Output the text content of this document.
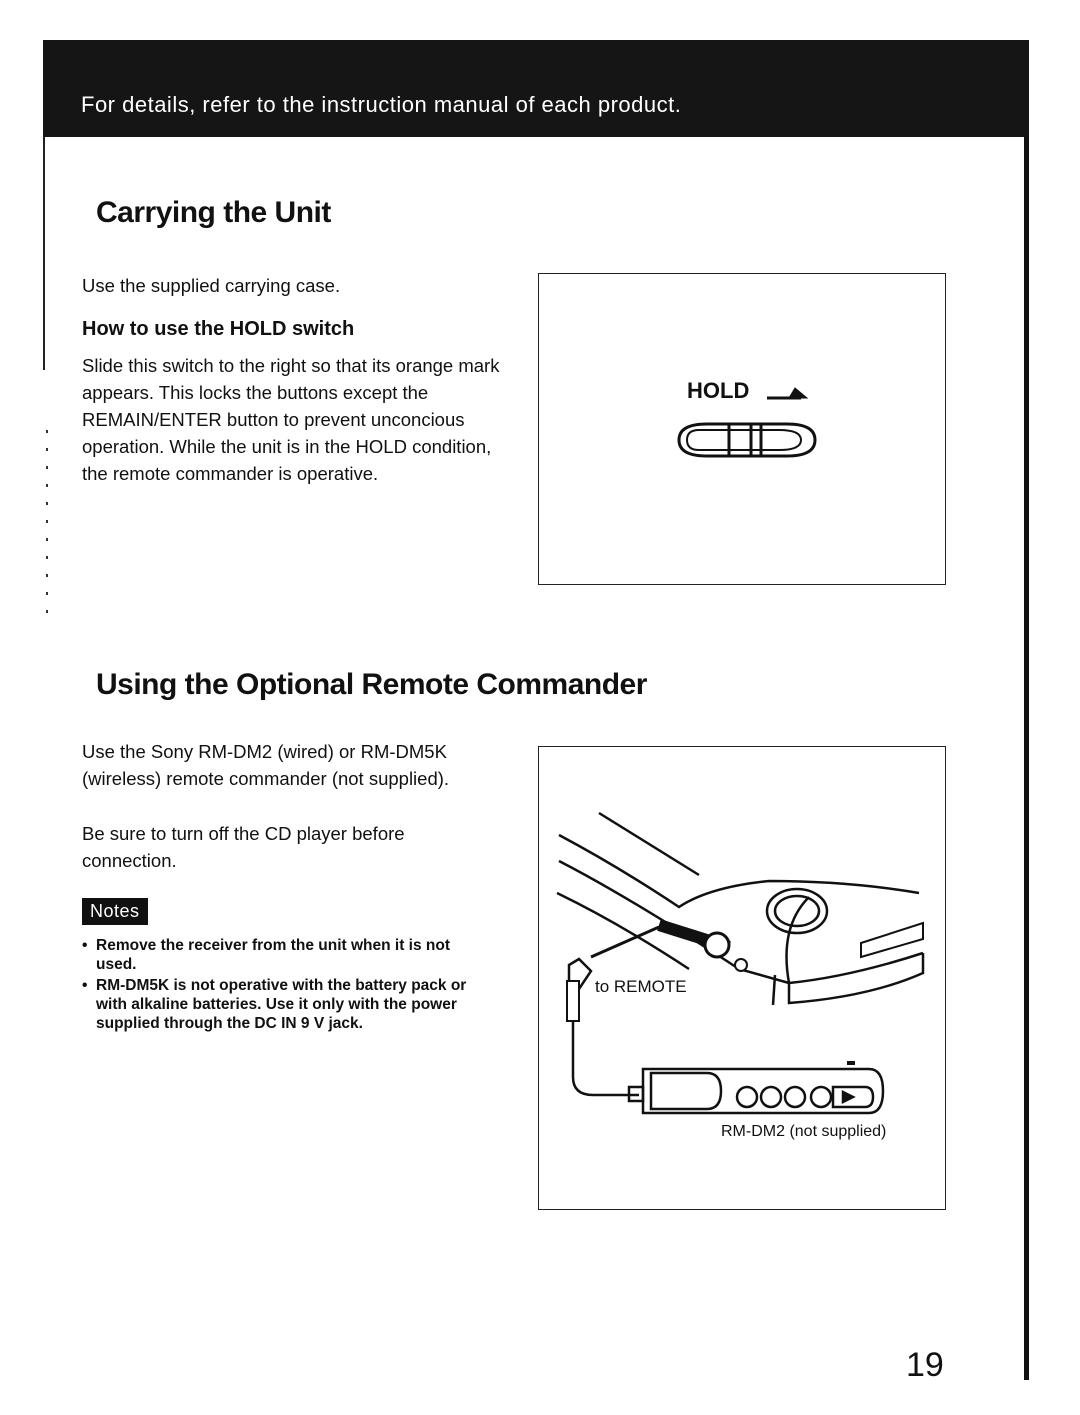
For details, refer to the instruction manual of each product.
Carrying the Unit

Use the supplied carrying case.

How to use the HOLD switch

Slide this switch to the right so that its orange mark appears. This locks the buttons except the REMAIN/ENTER button to prevent unconcious operation. While the unit is in the HOLD condition, the remote commander is operative.

HOLD
Using the Optional Remote Commander

Use the Sony RM-DM2 (wired) or RM-DM5K (wireless) remote commander (not supplied).

Be sure to turn off the CD player before connection.

Notes
• Remove the receiver from the unit when it is not used.
• RM-DM5K is not operative with the battery pack or with alkaline batteries. Use it only with the power supplied through the DC IN 9 V jack.
to REMOTE
RM-DM2 (not supplied)
19
